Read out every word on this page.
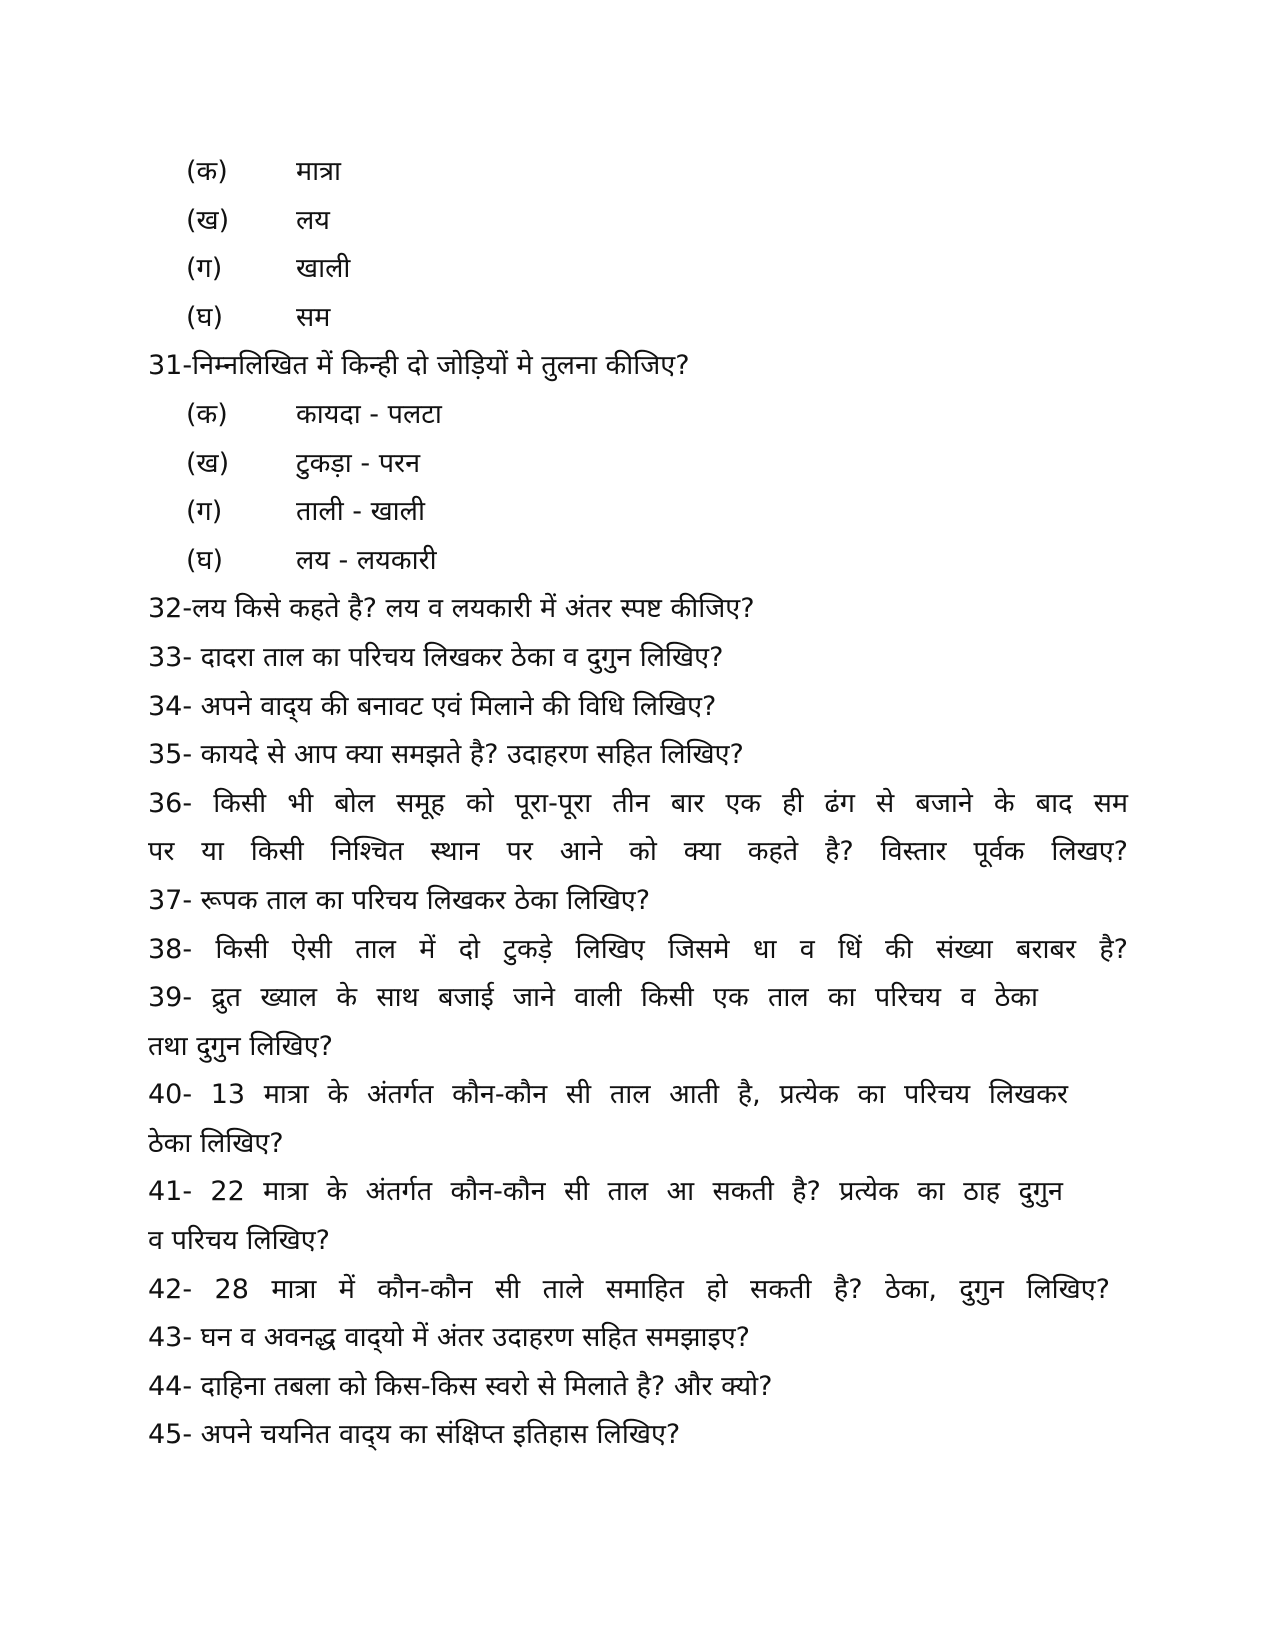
(क)	मात्रा
(ख) लय
(ग)	खाली
(घ)	सम
31-निम्नलिखित में किन्ही दो जोड़ियों मे तुलना कीजिए?
(क)	कायदा - पलटा
(ख) टुकड़ा - परन
(ग)	ताली - खाली
(घ)	लय - लयकारी
32-लय किसे कहते है? लय व लयकारी में अंतर स्पष्ट कीजिए?
33- दादरा ताल का परिचय लिखकर ठेका व दुगुन लिखिए?
34- अपने वाद्‌य की बनावट एवं मिलाने की विधि लिखिए?
35- कायदे से आप क्या समझते है? उदाहरण सहित लिखिए?
36- किसी भी बोल समूह को पूरा-पूरा तीन बार एक ही ढंग से बजाने के बाद सम
पर या किसी निश्चित स्थान पर आने को क्या कहते है? विस्तार पूर्वक लिखए?
37- रूपक ताल का परिचय लिखकर ठेका लिखिए?
38- किसी ऐसी ताल में दो टुकड़े लिखिए जिसमे धा व धिं की संख्या बराबर है?
39- द्रुत ख्याल के साथ बजाई जाने वाली किसी एक ताल का परिचय व ठेका
तथा दुगुन लिखिए?
40- 13 मात्रा के अंतर्गत कौन-कौन सी ताल आती है, प्रत्येक का परिचय लिखकर
ठेका लिखिए?
41- 22 मात्रा के अंतर्गत कौन-कौन सी ताल आ सकती है? प्रत्येक का ठाह दुगुन
व परिचय लिखिए?
42- 28 मात्रा में कौन-कौन सी ताले समाहित हो सकती है? ठेका, दुगुन लिखिए?
43- घन व अवनद्ध वाद्‌यो में अंतर उदाहरण सहित समझाइए?
44- दाहिना तबला को किस-किस स्वरो से मिलाते है? और क्यो?
45- अपने चयनित वाद्‌य का संक्षिप्त इतिहास लिखिए?
